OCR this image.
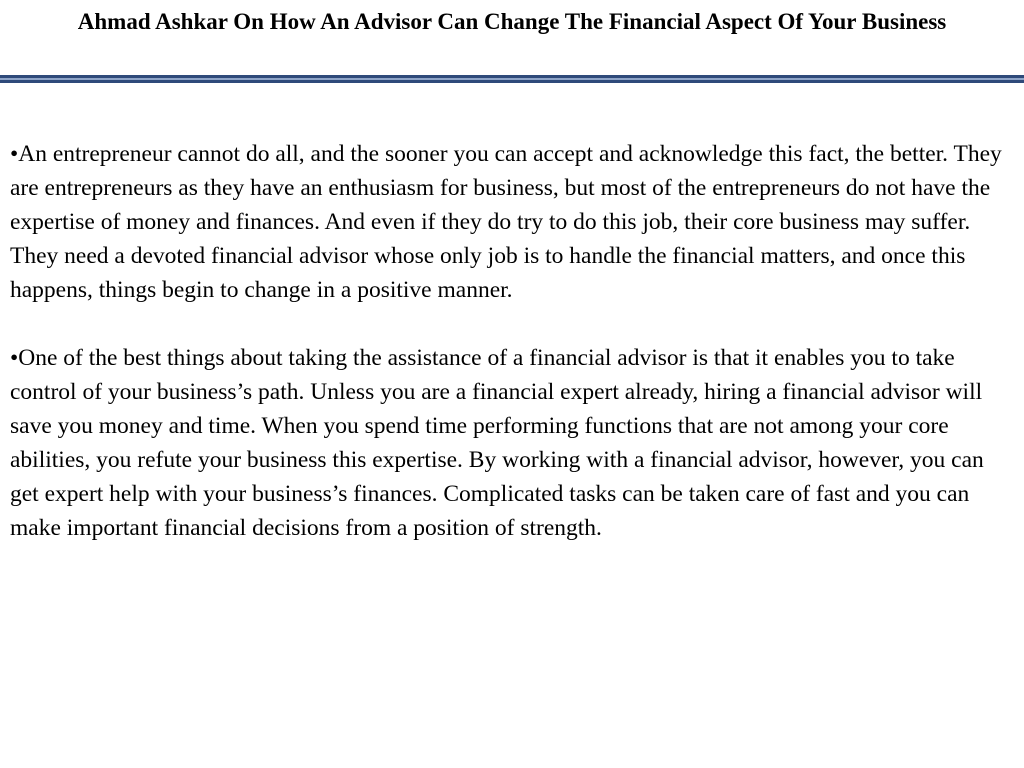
Ahmad Ashkar On How An Advisor Can Change The Financial Aspect Of Your Business

•An entrepreneur cannot do all, and the sooner you can accept and acknowledge this fact, the better. They are entrepreneurs as they have an enthusiasm for business, but most of the entrepreneurs do not have the expertise of money and finances. And even if they do try to do this job, their core business may suffer. They need a devoted financial advisor whose only job is to handle the financial matters, and once this happens, things begin to change in a positive manner.

•One of the best things about taking the assistance of a financial advisor is that it enables you to take control of your business’s path. Unless you are a financial expert already, hiring a financial advisor will save you money and time. When you spend time performing functions that are not among your core abilities, you refute your business this expertise. By working with a financial advisor, however, you can get expert help with your business’s finances. Complicated tasks can be taken care of fast and you can make important financial decisions from a position of strength.
